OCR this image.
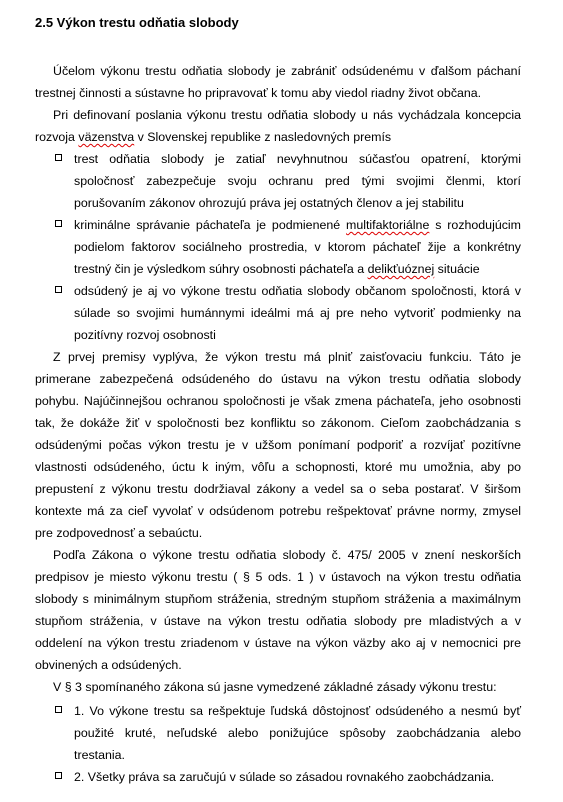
2.5 Výkon trestu odňatia slobody
Účelom výkonu trestu odňatia slobody je zabrániť odsúdenému v ďalšom páchaní trestnej činnosti a sústavne ho pripravovať k tomu aby viedol riadny život občana.
Pri definovaní poslania výkonu trestu odňatia slobody u nás vychádzala koncepcia rozvoja väzenstva v Slovenskej republike z nasledovných premís
trest odňatia slobody je zatiaľ nevyhnutnou súčasťou opatrení, ktorými spoločnosť zabezpečuje svoju ochranu pred tými svojimi členmi, ktorí porušovaním zákonov ohrozujú práva jej ostatných členov a jej stabilitu
kriminálne správanie páchateľa je podmienené multifaktoriálne s rozhodujúcim podielom faktorov sociálneho prostredia, v ktorom páchateľ žije a konkrétny trestný čin je výsledkom súhry osobnosti páchateľa a delikťuóznej situácie
odsúdený je aj vo výkone trestu odňatia slobody občanom spoločnosti, ktorá v súlade so svojimi humánnymi ideálmi má aj pre neho vytvoriť podmienky na pozitívny rozvoj osobnosti
Z prvej premisy vyplýva, že výkon trestu má plniť zaisťovaciu funkciu. Táto je primerane zabezpečená odsúdeného do ústavu na výkon trestu odňatia slobody pohybu. Najúčinnejšou ochranou spoločnosti je však zmena páchateľa, jeho osobnosti tak, že dokáže žiť v spoločnosti bez konfliktu so zákonom. Cieľom zaobchádzania s odsúdenými počas výkon trestu je v užšom ponímaní podporiť a rozvíjať pozitívne vlastnosti odsúdeného, úctu k iným, vôľu a schopnosti, ktoré mu umožnia, aby po prepustení z výkonu trestu dodržiaval zákony a vedel sa o seba postarať. V širšom kontexte má za cieľ vyvolať v odsúdenom potrebu rešpektovať právne normy, zmysel pre zodpovednosť a sebaúctu.
Podľa Zákona o výkone trestu odňatia slobody č. 475/ 2005 v znení neskorších predpisov je miesto výkonu trestu ( § 5 ods. 1 ) v ústavoch na výkon trestu odňatia slobody s minimálnym stupňom stráženia, stredným stupňom stráženia a maximálnym stupňom stráženia, v ústave na výkon trestu odňatia slobody pre mladistvých a v oddelení na výkon trestu zriadenom v ústave na výkon väzby ako aj v nemocnici pre obvinených a odsúdených.
V § 3 spomínaného zákona sú jasne vymedzené základné zásady výkonu trestu:
1. Vo výkone trestu sa rešpektuje ľudská dôstojnosť odsúdeného a nesmú byť použité kruté, neľudské alebo ponižujúce spôsoby zaobchádzania alebo trestania.
2. Všetky práva sa zaručujú v súlade so zásadou rovnakého zaobchádzania.
